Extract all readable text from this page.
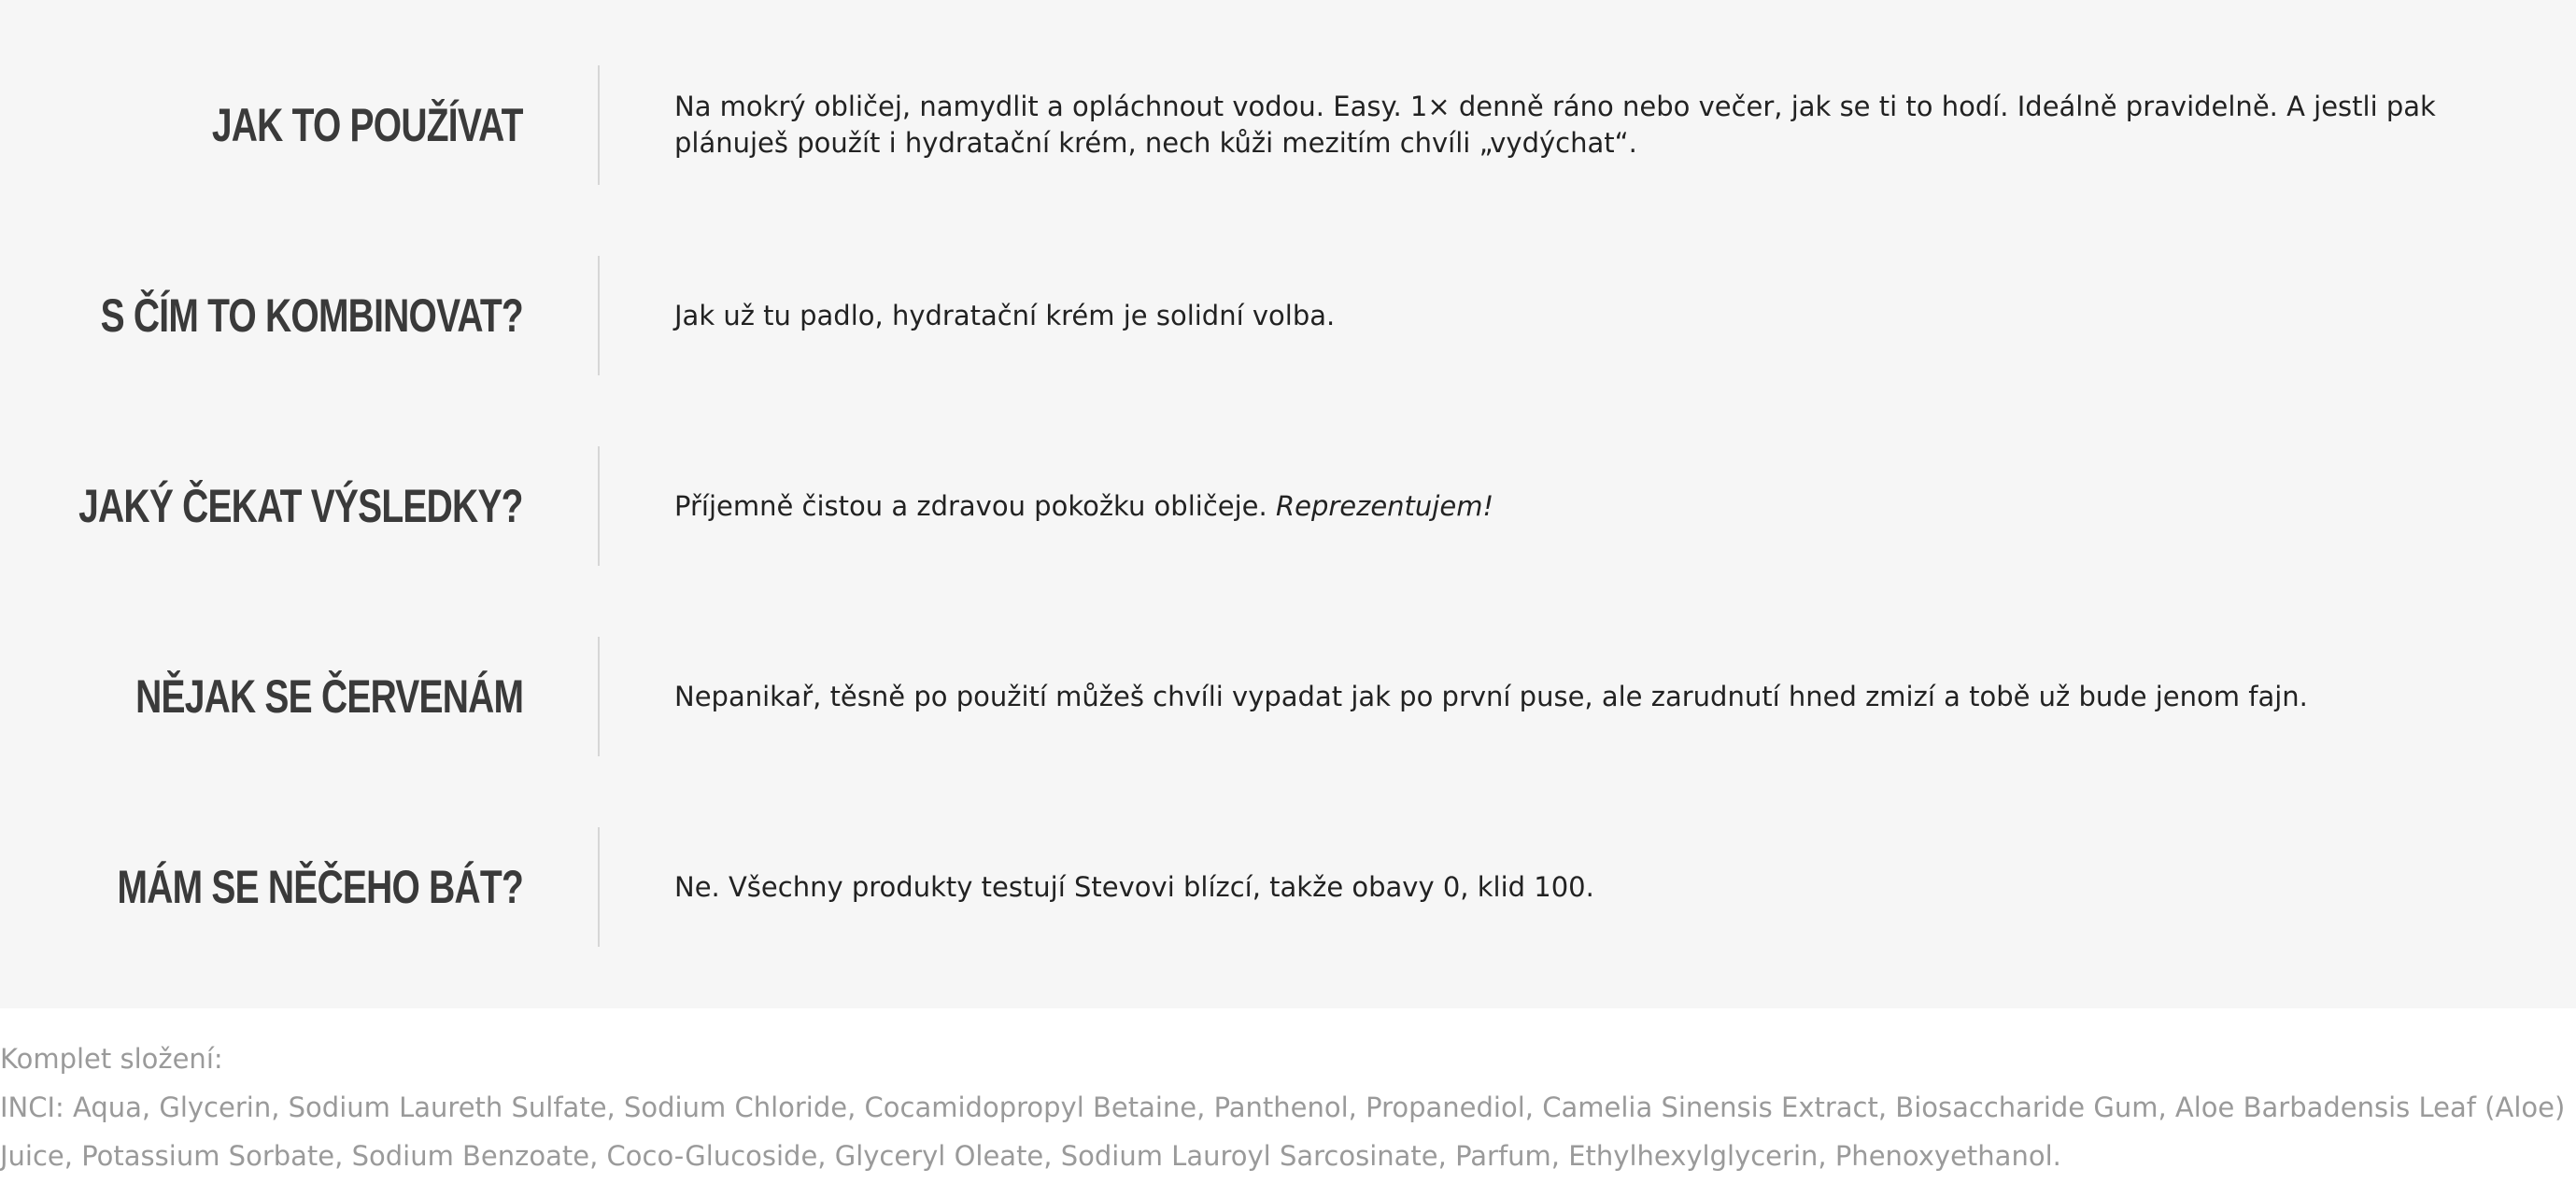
JAK TO POUŽÍVAT	Na mokrý obličej, namydlit a opláchnout vodou. Easy. 1× denně ráno nebo večer, jak se ti to hodí. Ideálně pravidelně. A jestli pak plánuješ použít i hydratační krém, nech kůži mezitím chvíli „vydýchat“.
S ČÍM TO KOMBINOVAT?	Jak už tu padlo, hydratační krém je solidní volba.
JAKÝ ČEKAT VÝSLEDKY?	Příjemně čistou a zdravou pokožku obličeje. Reprezentujem!
NĚJAK SE ČERVENÁM	Nepanikař, těsně po použití můžeš chvíli vypadat jak po první puse, ale zarudnutí hned zmizí a tobě už bude jenom fajn.
MÁM SE NĚČEHO BÁT?	Ne. Všechny produkty testují Stevovi blízcí, takže obavy 0, klid 100.
Komplet složení:
INCI: Aqua, Glycerin, Sodium Laureth Sulfate, Sodium Chloride, Cocamidopropyl Betaine, Panthenol, Propanediol, Camelia Sinensis Extract, Biosaccharide Gum, Aloe Barbadensis Leaf (Aloe) Juice, Potassium Sorbate, Sodium Benzoate, Coco-Glucoside, Glyceryl Oleate, Sodium Lauroyl Sarcosinate, Parfum, Ethylhexylglycerin, Phenoxyethanol.
